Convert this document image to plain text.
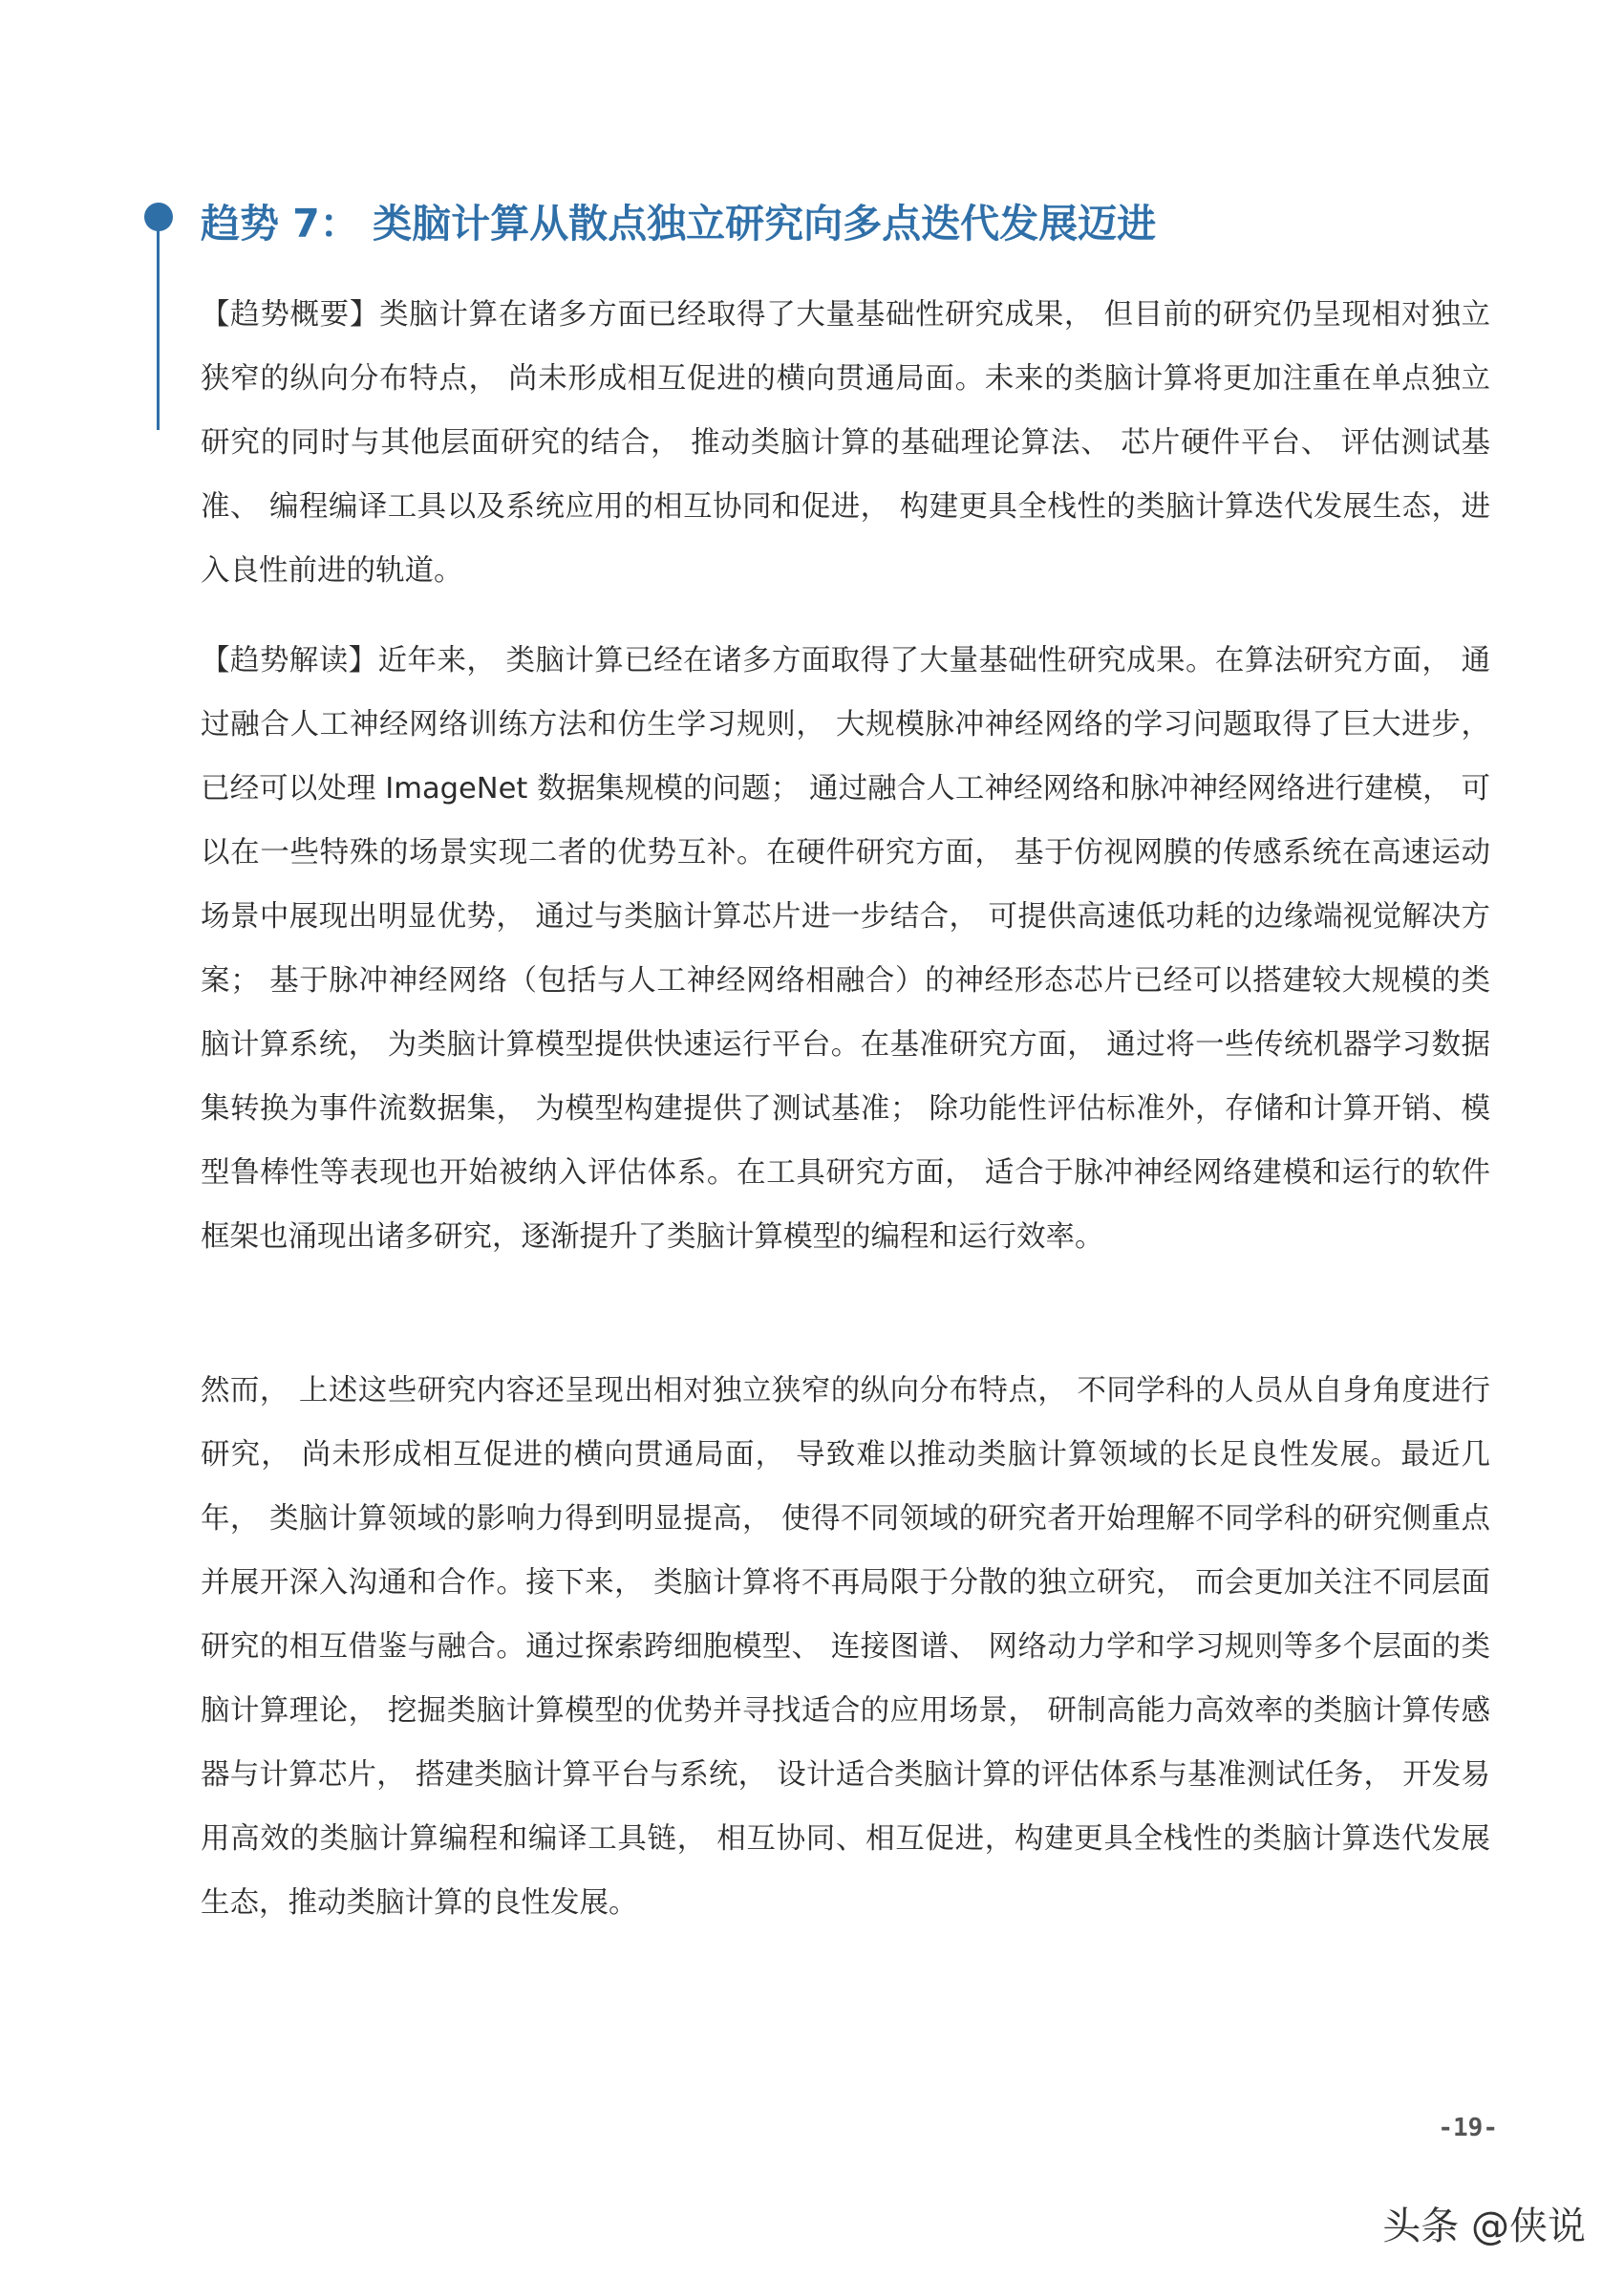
趋势 7： 类脑计算从散点独立研究向多点迭代发展迈进

【趋势概要】类脑计算在诸多方面已经取得了大量基础性研究成果， 但目前的研究仍呈现相对独立狭窄的纵向分布特点， 尚未形成相互促进的横向贯通局面。未来的类脑计算将更加注重在单点独立研究的同时与其他层面研究的结合， 推动类脑计算的基础理论算法、 芯片硬件平台、 评估测试基准、 编程编译工具以及系统应用的相互协同和促进， 构建更具全栈性的类脑计算迭代发展生态，进入良性前进的轨道。

【趋势解读】近年来， 类脑计算已经在诸多方面取得了大量基础性研究成果。在算法研究方面， 通过融合人工神经网络训练方法和仿生学习规则， 大规模脉冲神经网络的学习问题取得了巨大进步， 已经可以处理 ImageNet 数据集规模的问题； 通过融合人工神经网络和脉冲神经网络进行建模， 可以在一些特殊的场景实现二者的优势互补。在硬件研究方面， 基于仿视网膜的传感系统在高速运动场景中展现出明显优势， 通过与类脑计算芯片进一步结合， 可提供高速低功耗的边缘端视觉解决方案； 基于脉冲神经网络（包括与人工神经网络相融合）的神经形态芯片已经可以搭建较大规模的类脑计算系统， 为类脑计算模型提供快速运行平台。在基准研究方面， 通过将一些传统机器学习数据集转换为事件流数据集， 为模型构建提供了测试基准； 除功能性评估标准外，存储和计算开销、模型鲁棒性等表现也开始被纳入评估体系。在工具研究方面， 适合于脉冲神经网络建模和运行的软件框架也涌现出诸多研究，逐渐提升了类脑计算模型的编程和运行效率。

然而， 上述这些研究内容还呈现出相对独立狭窄的纵向分布特点， 不同学科的人员从自身角度进行研究， 尚未形成相互促进的横向贯通局面， 导致难以推动类脑计算领域的长足良性发展。最近几年， 类脑计算领域的影响力得到明显提高， 使得不同领域的研究者开始理解不同学科的研究侧重点并展开深入沟通和合作。接下来， 类脑计算将不再局限于分散的独立研究， 而会更加关注不同层面研究的相互借鉴与融合。通过探索跨细胞模型、 连接图谱、 网络动力学和学习规则等多个层面的类脑计算理论， 挖掘类脑计算模型的优势并寻找适合的应用场景， 研制高能力高效率的类脑计算传感器与计算芯片， 搭建类脑计算平台与系统， 设计适合类脑计算的评估体系与基准测试任务， 开发易用高效的类脑计算编程和编译工具链， 相互协同、相互促进，构建更具全栈性的类脑计算迭代发展生态，推动类脑计算的良性发展。

-19-
头条 @侠说
